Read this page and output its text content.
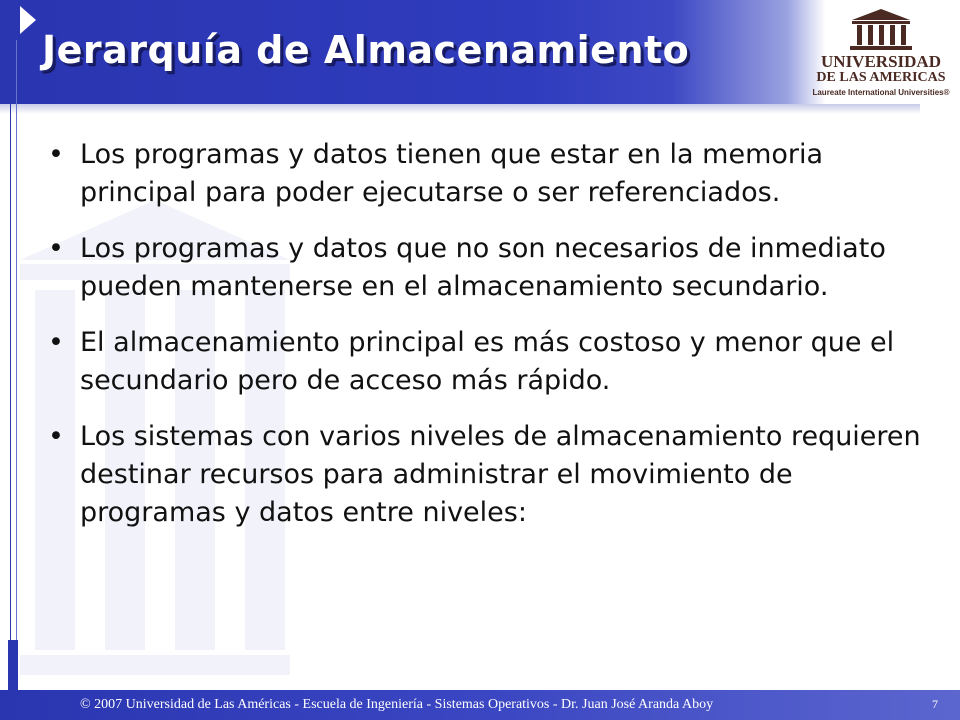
Jerarquía de Almacenamiento	UNIVERSIDAD
DE LAS AMERICAS
Laureate International Universities®

• Los programas y datos tienen que estar en la memoria principal para poder ejecutarse o ser referenciados.

• Los programas y datos que no son necesarios de inmediato pueden mantenerse en el almacenamiento secundario.

• El almacenamiento principal es más costoso y menor que el secundario pero de acceso más rápido.

• Los sistemas con varios niveles de almacenamiento requieren destinar recursos para administrar el movimiento de programas y datos entre niveles:

© 2007 Universidad de Las Américas - Escuela de Ingeniería - Sistemas Operativos - Dr. Juan José Aranda Aboy	7
